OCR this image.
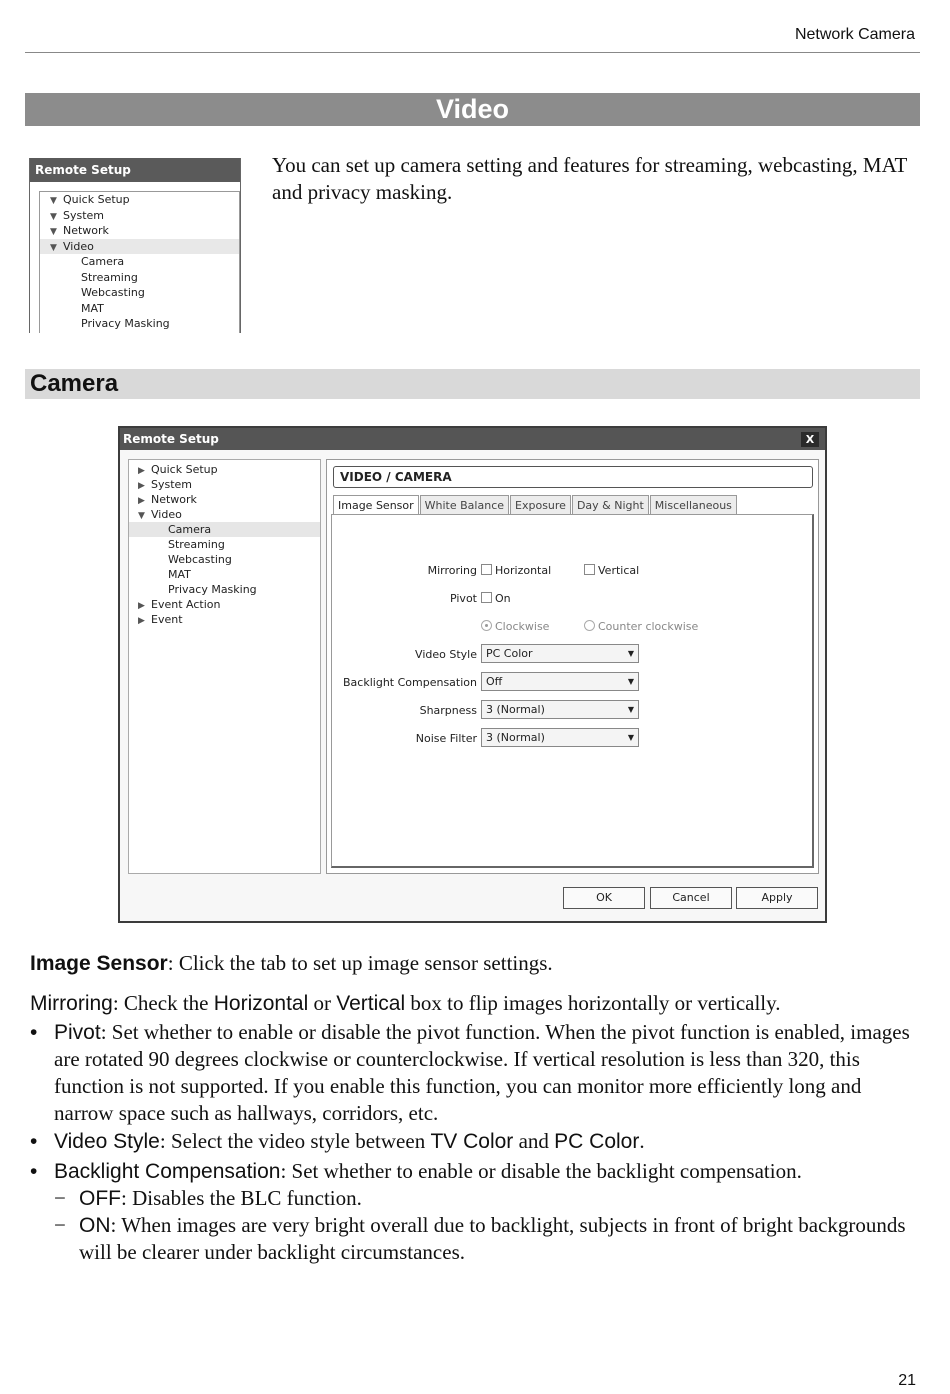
Network Camera
Video
Remote Setup
▼ Quick Setup
▼ System
▼ Network
▼ Video
Camera
Streaming
Webcasting
MAT
Privacy Masking
You can set up camera setting and features for streaming, webcasting, MAT and privacy masking.
Camera
Remote Setup	X
▶ Quick Setup
▶ System
▶ Network
▼ Video
Camera
Streaming
Webcasting
MAT
Privacy Masking
▶ Event Action
▶ Event
VIDEO / CAMERA
Image Sensor	White Balance	Exposure	Day & Night	Miscellaneous
Mirroring	Horizontal	Vertical
Pivot	On
Clockwise	Counter clockwise
Video Style PC Color	▼
Backlight Compensation Off	▼
Sharpness 3 (Normal)	▼
Noise Filter 3 (Normal)	▼
OK	Cancel	Apply
Image Sensor: Click the tab to set up image sensor settings.
Mirroring: Check the Horizontal or Vertical box to flip images horizontally or vertically.
• Pivot: Set whether to enable or disable the pivot function. When the pivot function is enabled, images are rotated 90 degrees clockwise or counterclockwise. If vertical resolution is less than 320, this function is not supported. If you enable this function, you can monitor more efficiently long and narrow space such as hallways, corridors, etc.
• Video Style: Select the video style between TV Color and PC Color.
• Backlight Compensation: Set whether to enable or disable the backlight compensation.
− OFF: Disables the BLC function.
− ON: When images are very bright overall due to backlight, subjects in front of bright backgrounds will be clearer under backlight circumstances.
21
